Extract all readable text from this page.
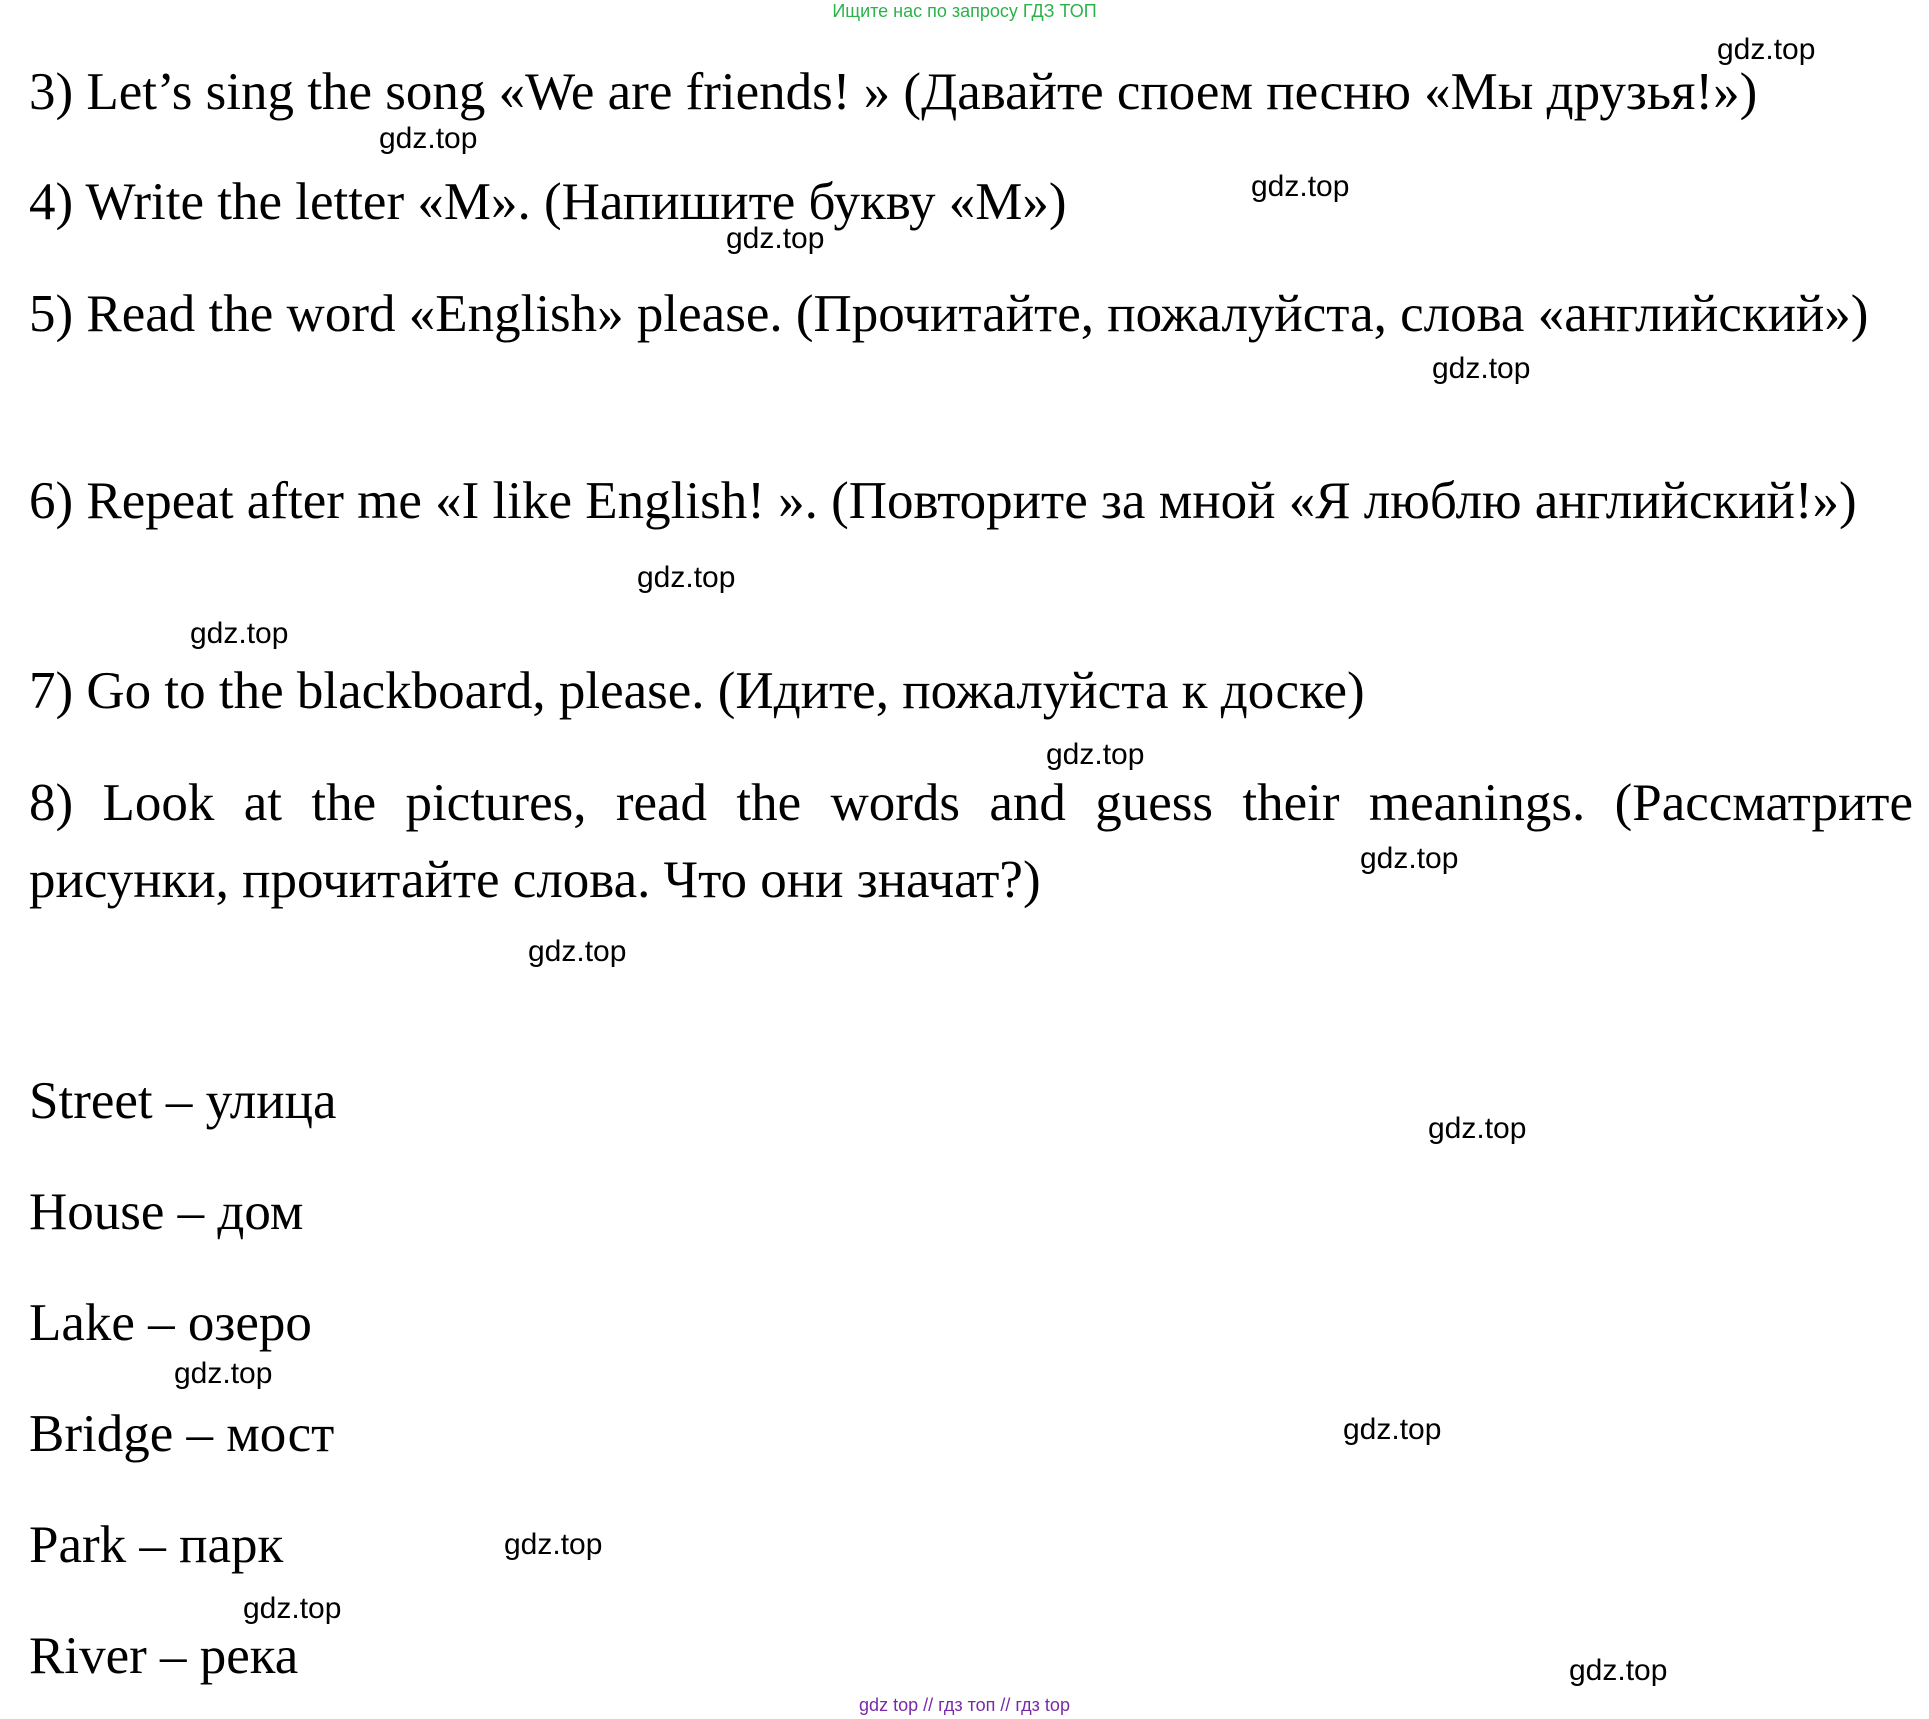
Ищите нас по запросу ГДЗ ТОП
3) Let’s sing the song «We are friends! » (Давайте споем песню «Мы друзья!»)
4) Write the letter «M». (Напишите букву «M»)
5) Read the word «English» please. (Прочитайте, пожалуйста, слова «английский»)
6) Repeat after me «I like English! ». (Повторите за мной «Я люблю английский!»)
7) Go to the blackboard, please. (Идите, пожалуйста к доске)
8) Look at the pictures, read the words and guess their meanings. (Рассматрите рисунки, прочитайте слова. Что они значат?)
Street – улица
House – дом
Lake – озеро
Bridge – мост
Park – парк
River – река
gdz.top
gdz.top
gdz.top
gdz.top
gdz.top
gdz.top
gdz.top
gdz.top
gdz.top
gdz.top
gdz.top
gdz.top
gdz.top
gdz.top
gdz.top
gdz.top
gdz top // гдз топ // гдз top
